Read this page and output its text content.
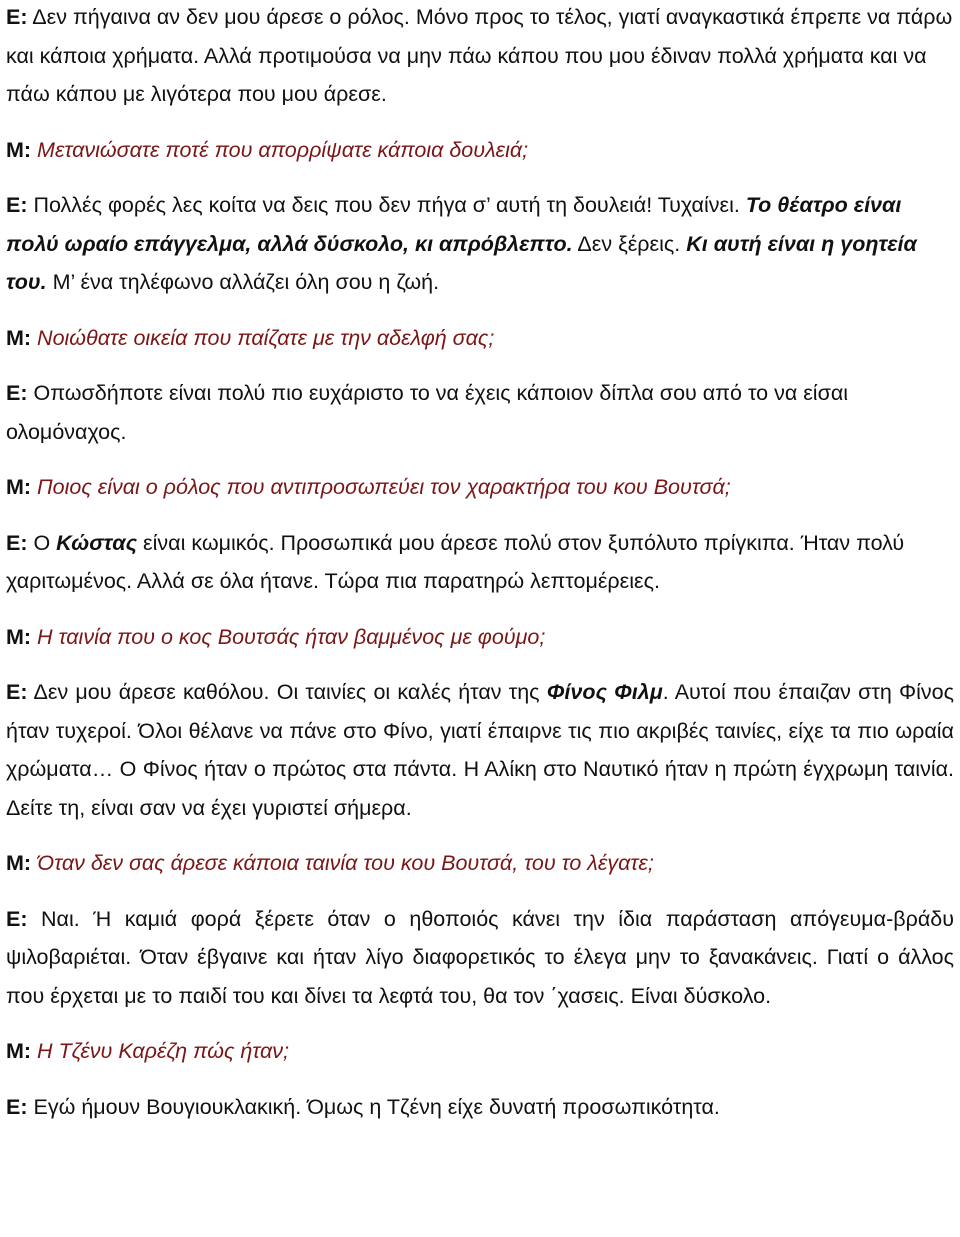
Ε: Δεν πήγαινα αν δεν μου άρεσε ο ρόλος. Μόνο προς το τέλος, γιατί αναγκαστικά έπρεπε να πάρω και κάποια χρήματα. Αλλά προτιμούσα να μην πάω κάπου που μου έδιναν πολλά χρήματα και να πάω κάπου με λιγότερα που μου άρεσε.

Μ: Μετανιώσατε ποτέ που απορρίψατε κάποια δουλειά;

Ε: Πολλές φορές λες κοίτα να δεις που δεν πήγα σ’ αυτή τη δουλειά! Τυχαίνει. Το θέατρο είναι πολύ ωραίο επάγγελμα, αλλά δύσκολο, κι απρόβλεπτο. Δεν ξέρεις. Κι αυτή είναι η γοητεία του. Μ’ ένα τηλέφωνο αλλάζει όλη σου η ζωή.

Μ: Νοιώθατε οικεία που παίζατε με την αδελφή σας;

Ε: Οπωσδήποτε είναι πολύ πιο ευχάριστο το να έχεις κάποιον δίπλα σου από το να είσαι ολομόναχος.

Μ: Ποιος είναι ο ρόλος που αντιπροσωπεύει τον χαρακτήρα του κου Βουτσά;

Ε: Ο Κώστας είναι κωμικός. Προσωπικά μου άρεσε πολύ στον ξυπόλυτο πρίγκιπα. Ήταν πολύ χαριτωμένος. Αλλά σε όλα ήτανε. Τώρα πια παρατηρώ λεπτομέρειες.

Μ: Η ταινία που ο κος Βουτσάς ήταν βαμμένος με φούμο;

Ε: Δεν μου άρεσε καθόλου. Οι ταινίες οι καλές ήταν της Φίνος Φιλμ. Αυτοί που έπαιζαν στη Φίνος ήταν τυχεροί. Όλοι θέλανε να πάνε στο Φίνο, γιατί έπαιρνε τις πιο ακριβές ταινίες, είχε τα πιο ωραία χρώματα… Ο Φίνος ήταν ο πρώτος στα πάντα. Η Αλίκη στο Ναυτικό ήταν η πρώτη έγχρωμη ταινία. Δείτε τη, είναι σαν να έχει γυριστεί σήμερα.

Μ: Όταν δεν σας άρεσε κάποια ταινία του κου Βουτσά, του το λέγατε;

Ε: Ναι. Ή καμιά φορά ξέρετε όταν ο ηθοποιός κάνει την ίδια παράσταση απόγευμα-βράδυ ψιλοβαριέται. Όταν έβγαινε και ήταν λίγο διαφορετικός το έλεγα μην το ξανακάνεις. Γιατί ο άλλος που έρχεται με το παιδί του και δίνει τα λεφτά του, θα τον ΄χασεις. Είναι δύσκολο.

Μ: Η Τζένυ Καρέζη πώς ήταν;

Ε: Εγώ ήμουν Βουγιουκλακική. Όμως η Τζένη είχε δυνατή προσωπικότητα.
